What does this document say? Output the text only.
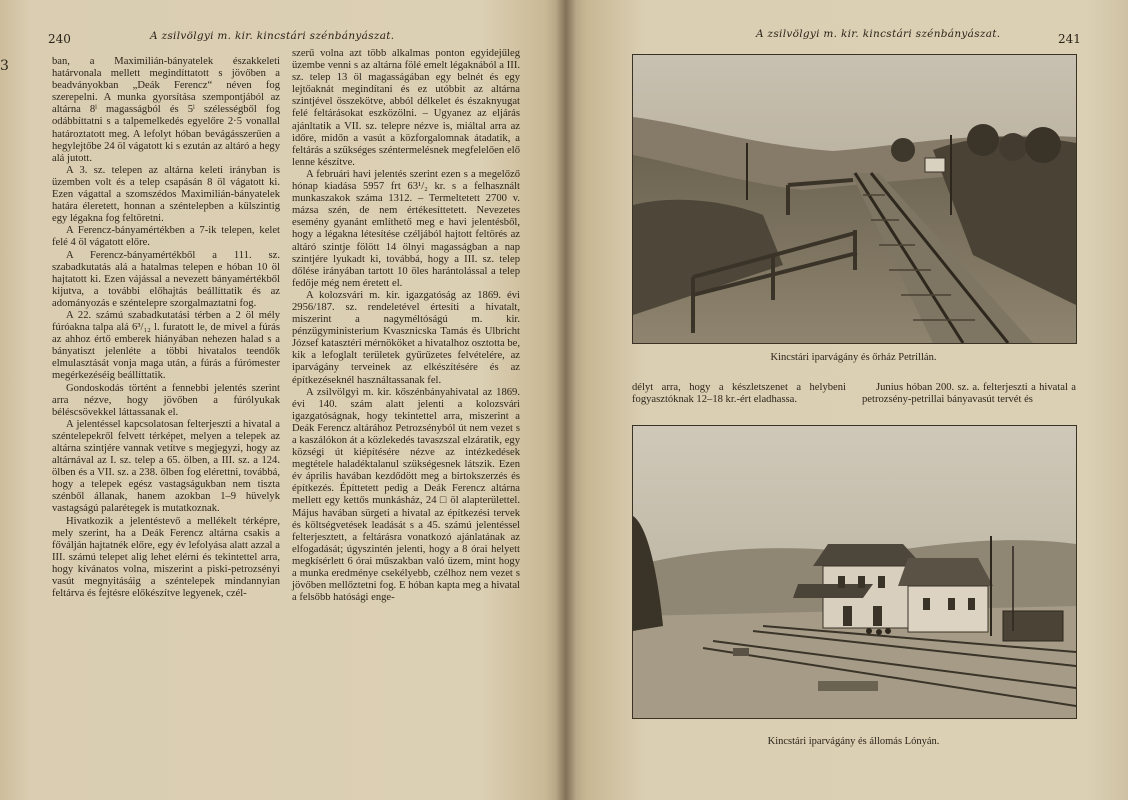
3
240	A zsilvölgyi m. kir. kincstári szénbányászat.

ban, a Maximilián-bányatelek északkeleti határvonala mellett megindíttatott s jövőben a beadványokban „Deák Ferencz“ néven fog szerepelni. A munka gyorsítása szempontjából az altárna 8ˡ magasságból és 5ˡ szélességből fog odábbíttatni s a talpemelkedés egyelőre 2·5 vonallal határoztatott meg. A lefolyt hóban bevágásszerűen a hegylejtőbe 24 öl vágatott ki s ezután az altáró a hegy alá jutott.

A 3. sz. telepen az altárna keleti irányban is üzemben volt és a telep csapásán 8 öl vágatott ki. Ezen vágattal a szomszédos Maximilián-bányatelek határa éleretett, honnan a széntelepben a külszintig egy légakna fog feltöretni.

A Ferencz-bányamértékben a 7-ik telepen, kelet felé 4 öl vágatott előre.

A Ferencz-bányamértékből a 111. sz. szabadkutatás alá a hatalmas telepen e hóban 10 öl hajtatott ki. Ezen vájással a nevezett bányamértékből kijutva, a további előhajtás beállíttatik és az adományozás e széntelepre szorgalmaztatni fog.

A 22. számú szabadkutatási térben a 2 öl mély fúróakna talpa alá 6³/₁₂ l. furatott le, de mivel a fúrás az ahhoz értő emberek hiányában nehezen halad s a bányatiszt jelenléte a többi hivatalos teendők elmulasztását vonja maga után, a fúrás a fúrómester megérkezéséig beállíttatik.

Gondoskodás történt a fennebbi jelentés szerint arra nézve, hogy jövőben a fúrólyukak béléscsövekkel láttassanak el.

A jelentéssel kapcsolatosan felterjeszti a hivatal a széntelepekről felvett térképet, melyen a telepek az altárna szintjére vannak vetítve s megjegyzi, hogy az altárnával az I. sz. telep a 65. ölben, a III. sz. a 124. ölben és a VII. sz. a 238. ölben fog elérettni, továbbá, hogy a telepek egész vastagságukban nem tiszta szénből állanak, hanem azokban 1–9 hüvelyk vastagságú palarétegek is mutatkoznak.

Hivatkozik a jelentéstevő a mellékelt térképre, mely szerint, ha a Deák Ferencz altárna csakis a főválján hajtatnék előre, egy év lefolyása alatt azzal a III. számú telepet alig lehet elérni és tekintettel arra, hogy kívánatos volna, miszerint a piski-petrozsényi vasút megnyitásáig a széntelepek mindannyian feltárva és fejtésre előkészítve legyenek, czél-

szerű volna azt több alkalmas ponton egyidejűleg üzembe venni s az altárna fölé emelt légaknából a III. sz. telep 13 öl magasságában egy belnét és egy lejtőaknát megindítani és ez utóbbit az altárna szintjével összekötve, abból délkelet és északnyugat felé feltárásokat eszközölni. – Ugyanez az eljárás ajánltatik a VII. sz. telepre nézve is, miáltal arra az időre, midőn a vasút a közforgalomnak átadatik, a feltárás a szükséges széntermelésnek megfelelően elő lenne készítve.

A februári havi jelentés szerint ezen s a megelőző hónap kiadása 5957 frt 63¹/₂ kr. s a felhasznált munkaszakok száma 1312. – Termeltetett 2700 v. mázsa szén, de nem értékesíttetett. Nevezetes esemény gyanánt említhető meg e havi jelentésből, hogy a légakna létesítése czéljából hajtott feltörés az altáró szintje fölött 14 ölnyi magasságban a nap szintjére lyukadt ki, továbbá, hogy a III. sz. telep dőlése irányában tartott 10 öles harántolással a telep fedője még nem éretett el.

A kolozsvári m. kir. igazgatóság az 1869. évi 2956/187. sz. rendeletével értesíti a hivatalt, miszerint a nagyméltóságú m. kir. pénzügyministerium Kvasznicska Tamás és Ulbricht József katasztéri mérnököket a hivatalhoz osztotta be, kik a lefoglalt területek gyűrűzetes felvételére, az iparvágány terveinek az elkészítésére és az építkezéseknél használtassanak fel.

A zsilvölgyi m. kir. kőszénbányahivatal az 1869. évi 140. szám alatt jelenti a kolozsvári igazgatóságnak, hogy tekintettel arra, miszerint a Deák Ferencz altárához Petrozsényból út nem vezet s a kaszálókon át a közlekedés tavaszszal elzáratik, egy községi út kiépítésére nézve az intézkedések megtétele haladéktalanul szükségesnek látszik. Ezen év április havában kezdődött meg a birtokszerzés és építkezés. Építtetett pedig a Deák Ferencz altárna mellett egy kettős munkásház, 24 □ öl alapterülettel. Május havában sürgeti a hivatal az építkezési tervek és költségvetések leadását s a 45. számú jelentéssel felterjesztett, a feltárásra vonatkozó ajánlatának az elfogadását; úgyszintén jelenti, hogy a 8 órai helyett megkísérlett 6 órai műszakban való üzem, mint hogy a munka eredménye csekélyebb, czélhoz nem vezet s jövőben mellőztetni fog. E hóban kapta meg a hivatal a felsőbb hatósági enge-

A zsilvölgyi m. kir. kincstári szénbányászat.	241
Kincstári iparvágány és őrház Petrillán.

délyt arra, hogy a készletszenet a helybeni fogyasztóknak 12–18 kr.-ért eladhassa.

Junius hóban 200. sz. a. felterjeszti a hivatal a petrozsény-petrillai bányavasút tervét és

Kincstári iparvágány és állomás Lónyán.
